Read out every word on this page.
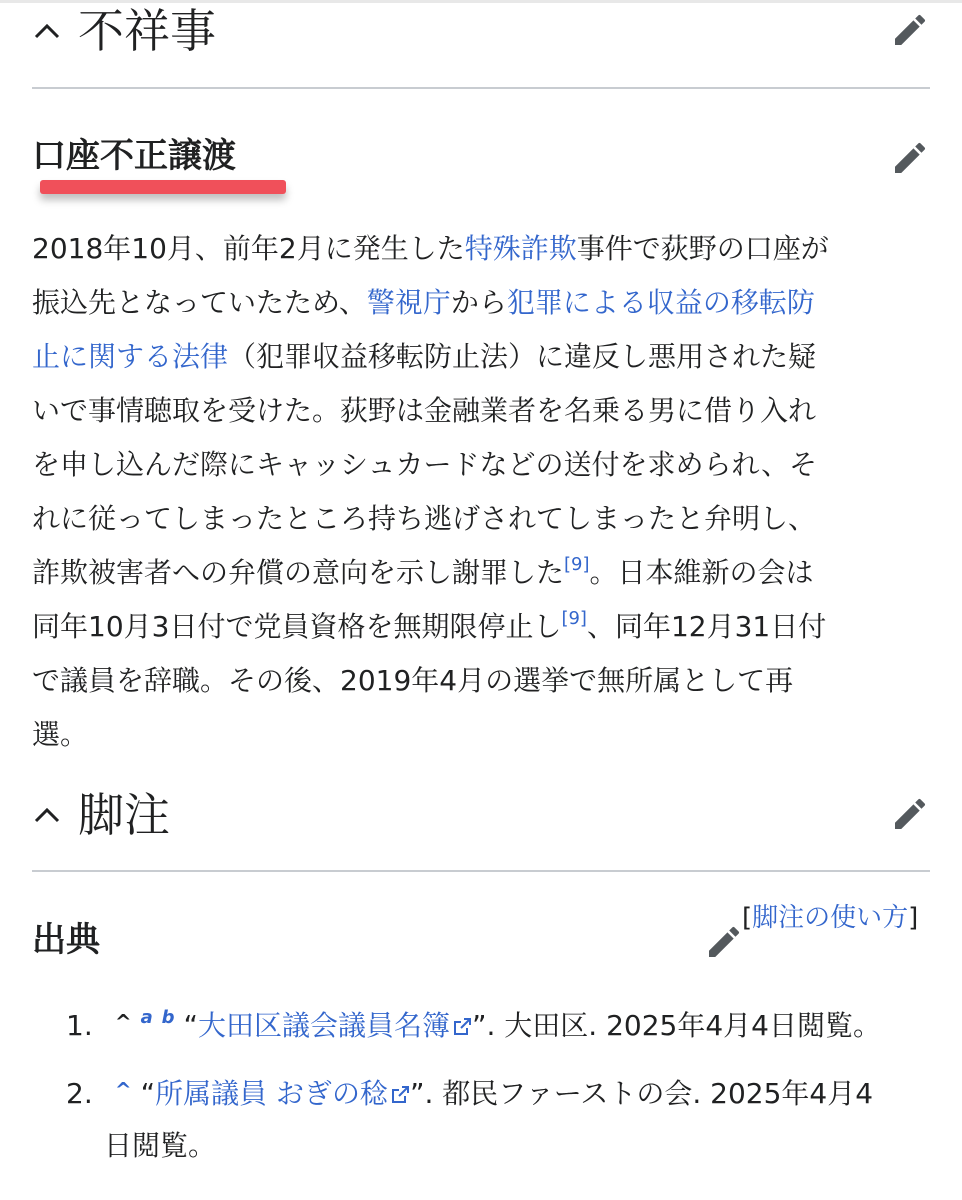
不祥事
口座不正譲渡
2018年10月、前年2月に発生した特殊詐欺事件で荻野の口座が
振込先となっていたため、警視庁から犯罪による収益の移転防
止に関する法律（犯罪収益移転防止法）に違反し悪用された疑
いで事情聴取を受けた。荻野は金融業者を名乗る男に借り入れ
を申し込んだ際にキャッシュカードなどの送付を求められ、そ
れに従ってしまったところ持ち逃げされてしまったと弁明し、
詐欺被害者への弁償の意向を示し謝罪した[9]。日本維新の会は
同年10月3日付で党員資格を無期限停止し[9]、同年12月31日付
で議員を辞職。その後、2019年4月の選挙で無所属として再
選。
脚注
出典
[脚注の使い方]
1. ^ $^a$ $^b$ “大田区議会議員名簿 ”. 大田区. 2025年4月4日閲覧。
2. ^ “所属議員 おぎの稔 ”. 都民ファーストの会. 2025年4月4
日閲覧。
